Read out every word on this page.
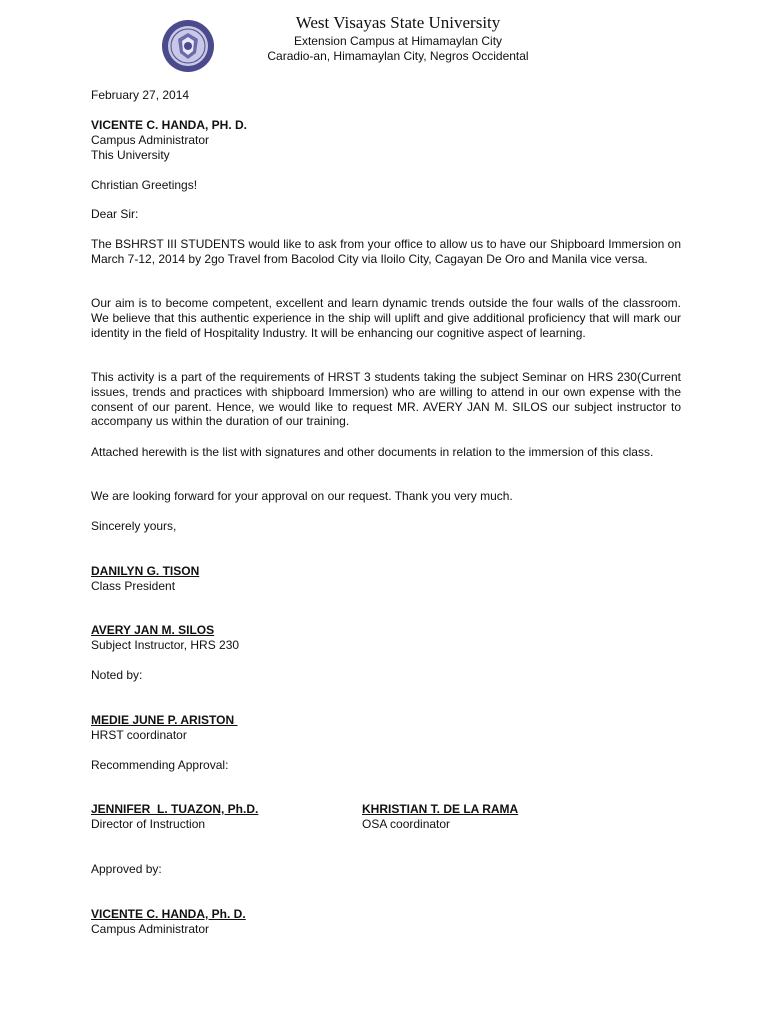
West Visayas State University
Extension Campus at Himamaylan City
Caradio-an, Himamaylan City, Negros Occidental
February 27, 2014
VICENTE C. HANDA, PH. D.
Campus Administrator
This University
Christian Greetings!
Dear Sir:

The BSHRST III STUDENTS would like to ask from your office to allow us to have our Shipboard Immersion on March 7-12, 2014 by 2go Travel from Bacolod City via Iloilo City, Cagayan De Oro and Manila vice versa.

Our aim is to become competent, excellent and learn dynamic trends outside the four walls of the classroom. We believe that this authentic experience in the ship will uplift and give additional proficiency that will mark our identity in the field of Hospitality Industry. It will be enhancing our cognitive aspect of learning.

This activity is a part of the requirements of HRST 3 students taking the subject Seminar on HRS 230(Current issues, trends and practices with shipboard Immersion) who are willing to attend in our own expense with the consent of our parent. Hence, we would like to request MR. AVERY JAN M. SILOS our subject instructor to accompany us within the duration of our training.

Attached herewith is the list with signatures and other documents in relation to the immersion of this class.

We are looking forward for your approval on our request. Thank you very much.

Sincerely yours,
DANILYN G. TISON
Class President
AVERY JAN M. SILOS
Subject Instructor, HRS 230
Noted by:
MEDIE JUNE P. ARISTON
HRST coordinator
Recommending Approval:
JENNIFER  L. TUAZON, Ph.D.
Director of Instruction
KHRISTIAN T. DE LA RAMA
OSA coordinator
Approved by:
VICENTE C. HANDA, Ph. D.
Campus Administrator
